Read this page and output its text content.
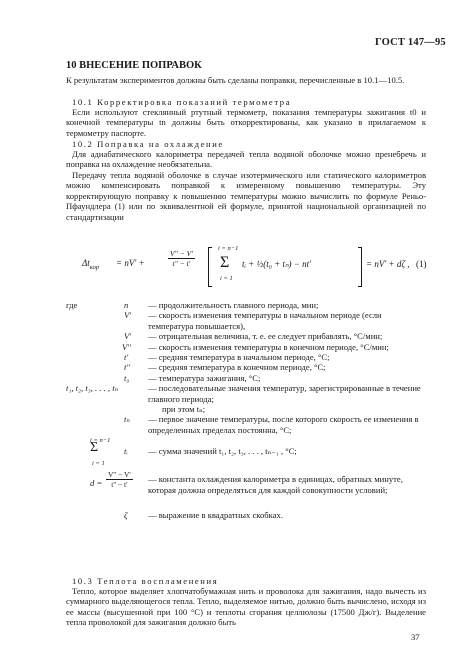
ГОСТ 147—95
10 ВНЕСЕНИЕ ПОПРАВОК
К результатам экспериментов должны быть сделаны поправки, перечисленные в 10.1—10.5.
10.1 Корректировка показаний термометра
Если используют стеклянный ртутный термометр, показания температуры зажигания t0 и конечной температуры tn должны быть откорректированы, как указано в прилагаемом к термометру паспорте.
10.2 Поправка на охлаждение
Для адиабатического калориметра передачей тепла водяной оболочке можно пренебречь и поправка на охлаждение необязательна.
Передачу тепла водяной оболочке в случае изотермического или статического калориметров можно компенсировать поправкой к измеренному повышению температуры. Эту корректирующую поправку к повышению температуры можно вычислить по формуле Реньо-Пфаундлера (1) или по эквивалентной ей формуле, принятой национальной организацией по стандартизации
$\Delta t_{кор} = nV'$ +	$\frac{V'' - V'}{t'' - t'}$
i = n−1
Σ
i = 1
tᵢ + ½(t₀ + tₙ) − nt'	= nV' + dζ , (1)
где	n — продолжительность главного периода, мин;
V' — скорость изменения температуры в начальном периоде (если температура повышается),
V' — отрицательная величина, т. е. ее следует прибавлять, °С/мин;
V'' — скорость изменения температуры в конечном периоде, °С/мин;
t' — средняя температура в начальном периоде, °С;
t'' — средняя температура в конечном периоде, °С;
t₀ — температура зажигания, °С;
t₁, t₂, t₃, . . . , tₙ	— последовательные значения температур, зарегистрированные в течение главного периода;
при этом tₙ;
tₙ — первое значение температуры, после которого скорость ее изменения в определенных пределах постоянна, °С;
i = n−1
Σ
i = 1
tᵢ — сумма значений t₁, t₂, t₃, . . . , tₙ₋₁ , °С;
$d = \frac{V'' - V'}{t'' - t'}$ — константа охлаждения калориметра в единицах, обратных минуте, которая должна определяться для каждой совокупности условий;
ζ — выражение в квадратных скобках.
10.3 Теплота воспламенения
Тепло, которое выделяет хлопчатобумажная нить и проволока для зажигания, надо вычесть из суммарного выделяющегося тепла. Тепло, выделяемое нитью, должно быть вычислено, исходя из ее массы (высушенной при 100 °С) и теплоты сгорания целлюлозы (17500 Дж/г). Выделение тепла проволокой для зажигания должно быть
37
